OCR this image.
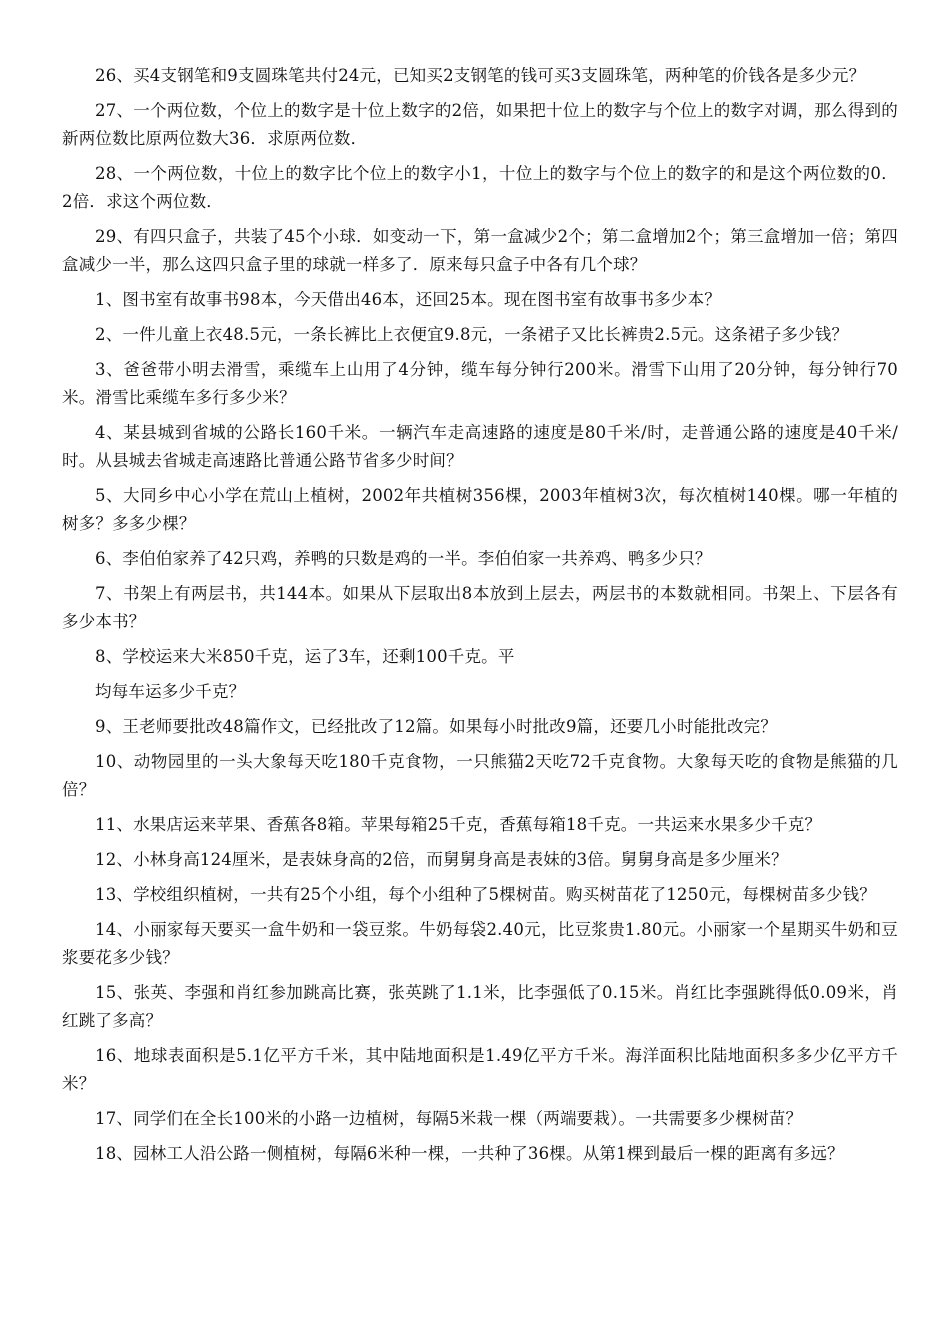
26、买4支钢笔和9支圆珠笔共付24元，已知买2支钢笔的钱可买3支圆珠笔，两种笔的价钱各是多少元？

27、一个两位数，个位上的数字是十位上数字的2倍，如果把十位上的数字与个位上的数字对调，那么得到的新两位数比原两位数大36．求原两位数．

28、一个两位数，十位上的数字比个位上的数字小1，十位上的数字与个位上的数字的和是这个两位数的0．2倍．求这个两位数．

29、有四只盒子，共装了45个小球．如变动一下，第一盒减少2个；第二盒增加2个；第三盒增加一倍；第四盒减少一半，那么这四只盒子里的球就一样多了．原来每只盒子中各有几个球？

1、图书室有故事书98本，今天借出46本，还回25本。现在图书室有故事书多少本？

2、一件儿童上衣48.5元，一条长裤比上衣便宜9.8元，一条裙子又比长裤贵2.5元。这条裙子多少钱？

3、爸爸带小明去滑雪，乘缆车上山用了4分钟，缆车每分钟行200米。滑雪下山用了20分钟，每分钟行70米。滑雪比乘缆车多行多少米？

4、某县城到省城的公路长160千米。一辆汽车走高速路的速度是80千米/时，走普通公路的速度是40千米/时。从县城去省城走高速路比普通公路节省多少时间？

5、大同乡中心小学在荒山上植树，2002年共植树356棵，2003年植树3次，每次植树140棵。哪一年植的树多？多多少棵？

6、李伯伯家养了42只鸡，养鸭的只数是鸡的一半。李伯伯家一共养鸡、鸭多少只？

7、书架上有两层书，共144本。如果从下层取出8本放到上层去，两层书的本数就相同。书架上、下层各有多少本书？

8、学校运来大米850千克，运了3车，还剩100千克。平

均每车运多少千克？

9、王老师要批改48篇作文，已经批改了12篇。如果每小时批改9篇，还要几小时能批改完？

10、动物园里的一头大象每天吃180千克食物，一只熊猫2天吃72千克食物。大象每天吃的食物是熊猫的几倍？

11、水果店运来苹果、香蕉各8箱。苹果每箱25千克，香蕉每箱18千克。一共运来水果多少千克？

12、小林身高124厘米，是表妹身高的2倍，而舅舅身高是表妹的3倍。舅舅身高是多少厘米？

13、学校组织植树，一共有25个小组，每个小组种了5棵树苗。购买树苗花了1250元，每棵树苗多少钱？

14、小丽家每天要买一盒牛奶和一袋豆浆。牛奶每袋2.40元，比豆浆贵1.80元。小丽家一个星期买牛奶和豆浆要花多少钱？

15、张英、李强和肖红参加跳高比赛，张英跳了1.1米，比李强低了0.15米。肖红比李强跳得低0.09米，肖红跳了多高？

16、地球表面积是5.1亿平方千米，其中陆地面积是1.49亿平方千米。海洋面积比陆地面积多多少亿平方千米？

17、同学们在全长100米的小路一边植树，每隔5米栽一棵（两端要栽）。一共需要多少棵树苗？

18、园林工人沿公路一侧植树，每隔6米种一棵，一共种了36棵。从第1棵到最后一棵的距离有多远？
